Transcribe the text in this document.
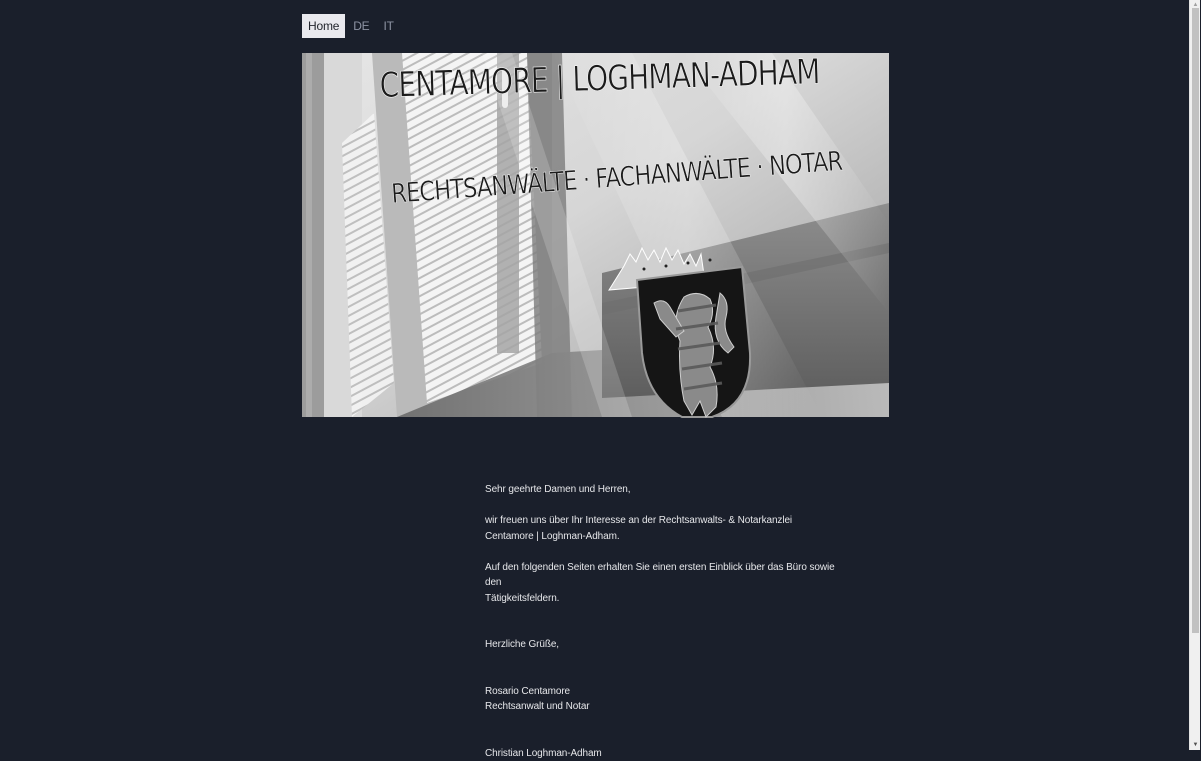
Home	DE	IT
CENTAMORE | LOGHMAN-ADHAM
RECHTSANWÄLTE · FACHANWÄLTE · NOTAR

Sehr geehrte Damen und Herren,

wir freuen uns über Ihr Interesse an der Rechtsanwalts- & Notarkanzlei

Centamore | Loghman-Adham.

Auf den folgenden Seiten erhalten Sie einen ersten Einblick über das Büro sowie den

Tätigkeitsfeldern.

Herzliche Grüße,

Rosario Centamore

Rechtsanwalt und Notar

Christian Loghman-Adham

▲
▼
